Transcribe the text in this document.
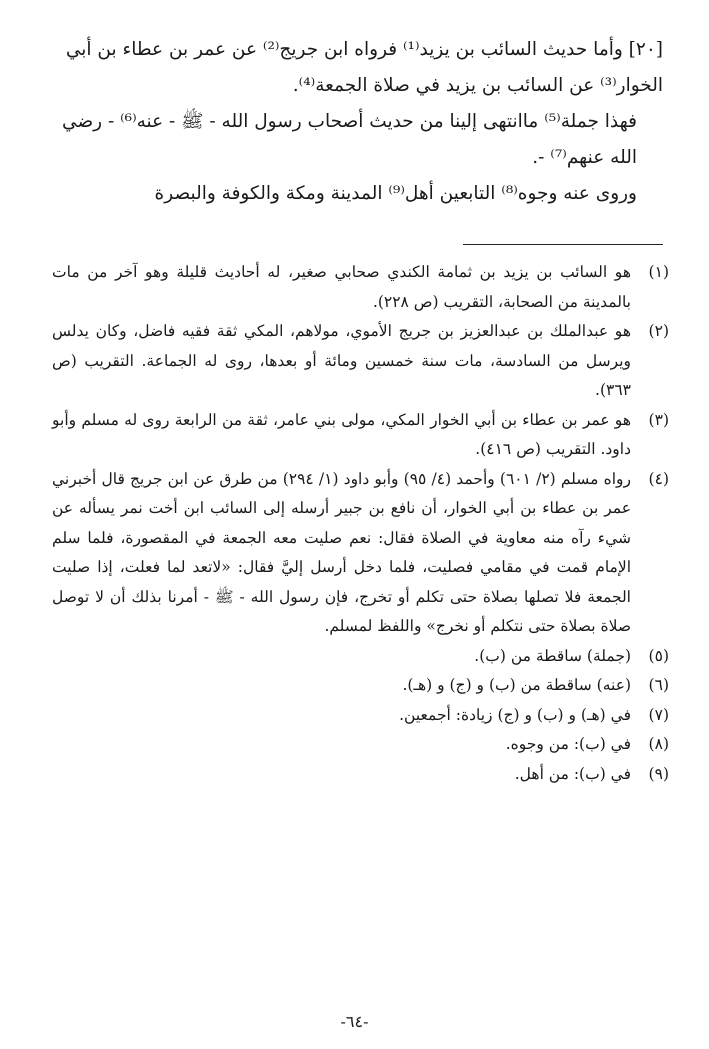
[٢٠] وأما حديث السائب بن يزيد⁽¹⁾ فرواه ابن جريج⁽²⁾ عن عمر بن عطاء بن أبي الخوار⁽³⁾ عن السائب بن يزيد في صلاة الجمعة⁽⁴⁾.

فهذا جملة⁽⁵⁾ ماانتهى إلينا من حديث أصحاب رسول الله - ﷺ - عنه⁽⁶⁾ - رضي الله عنهم⁽⁷⁾ -.

وروى عنه وجوه⁽⁸⁾ التابعين أهل⁽⁹⁾ المدينة ومكة والكوفة والبصرة

(١)
هو السائب بن يزيد بن ثمامة الكندي صحابي صغير، له أحاديث قليلة وهو آخر من مات بالمدينة من الصحابة، التقريب (ص ٢٢٨).
(٢)
هو عبدالملك بن عبدالعزيز بن جريج الأموي، مولاهم، المكي ثقة فقيه فاضل، وكان يدلس ويرسل من السادسة، مات سنة خمسين ومائة أو بعدها، روى له الجماعة. التقريب (ص ٣٦٣).
(٣)
هو عمر بن عطاء بن أبي الخوار المكي، مولى بني عامر، ثقة من الرابعة روى له مسلم وأبو داود. التقريب (ص ٤١٦).
(٤)
رواه مسلم (٢/ ٦٠١) وأحمد (٤/ ٩٥) وأبو داود (١/ ٢٩٤) من طرق عن ابن جريج قال أخبرني عمر بن عطاء بن أبي الخوار، أن نافع بن جبير أرسله إلى السائب ابن أخت نمر يسأله عن شيء رآه منه معاوية في الصلاة فقال: نعم صليت معه الجمعة في المقصورة، فلما سلم الإمام قمت في مقامي فصليت، فلما دخل أرسل إليَّ فقال: «لاتعد لما فعلت، إذا صليت الجمعة فلا تصلها بصلاة حتى تكلم أو تخرج، فإن رسول الله - ﷺ - أمرنا بذلك أن لا توصل صلاة بصلاة حتى نتكلم أو نخرج» واللفظ لمسلم.
(٥)
(جملة) ساقطة من (ب).
(٦)
(عنه) ساقطة من (ب) و (ج) و (هـ).
(٧)
في (هـ) و (ب) و (ج) زيادة: أجمعين.
(٨)
في (ب): من وجوه.
(٩)
في (ب): من أهل.
-٦٤-
